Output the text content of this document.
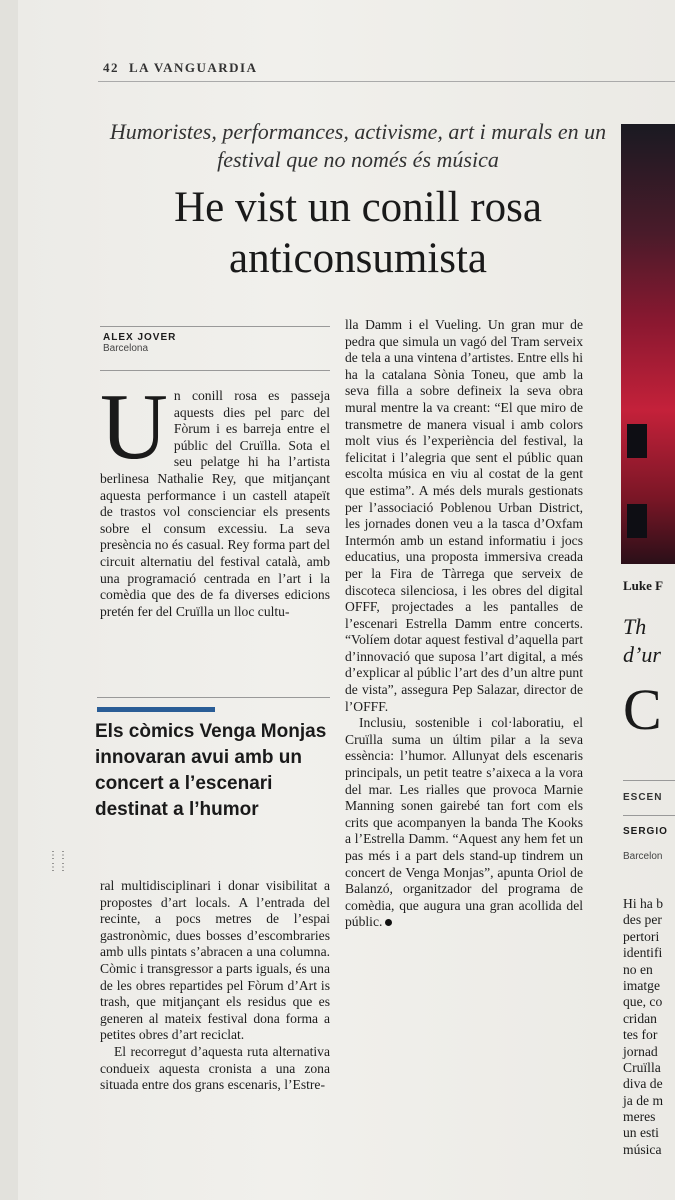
42 LA VANGUARDIA
Humoristes, performances, activisme, art i murals en un festival que no només és música
He vist un conill rosa anticonsumista
ALEX JOVER
Barcelona

Un conill rosa es passeja aquests dies pel parc del Fòrum i es barreja entre el públic del Cruïlla. Sota el seu pelatge hi ha l’artista berlinesa Nathalie Rey, que mitjançant aquesta performance i un castell atapeït de trastos vol conscienciar els presents sobre el consum excessiu. La seva presència no és casual. Rey forma part del circuit alternatiu del festival català, amb una programació centrada en l’art i la comèdia que des de fa diverses edicions pretén fer del Cruïlla un lloc cultu-

Els còmics Venga Monjas innovaran avui amb un concert a l’escenari destinat a l’humor
⋮⋮
⋮⋮

ral multidisciplinari i donar visibilitat a propostes d’art locals. A l’entrada del recinte, a pocs metres de l’espai gastronòmic, dues bosses d’escombraries amb ulls pintats s’abracen a una columna. Còmic i transgressor a parts iguals, és una de les obres repartides pel Fòrum d’Art is trash, que mitjançant els residus que es generen al mateix festival dona forma a petites obres d’art reciclat.

El recorregut d’aquesta ruta alternativa condueix aquesta cronista a una zona situada entre dos grans escenaris, l’Estre-

lla Damm i el Vueling. Un gran mur de pedra que simula un vagó del Tram serveix de tela a una vintena d’artistes. Entre ells hi ha la catalana Sònia Toneu, que amb la seva filla a sobre defineix la seva obra mural mentre la va creant: “El que miro de transmetre de manera visual i amb colors molt vius és l’experiència del festival, la felicitat i l’alegria que sent el públic quan escolta música en viu al costat de la gent que estima”. A més dels murals gestionats per l’associació Poblenou Urban District, les jornades donen veu a la tasca d’Oxfam Intermón amb un estand informatiu i jocs educatius, una proposta immersiva creada per la Fira de Tàrrega que serveix de discoteca silenciosa, i les obres del digital OFFF, projectades a les pantalles de l’escenari Estrella Damm entre concerts. “Volíem dotar aquest festival d’aquella part d’innovació que suposa l’art digital, a més d’explicar al públic l’art des d’un altre punt de vista”, assegura Pep Salazar, director de l’OFFF.

Inclusiu, sostenible i col·laboratiu, el Cruïlla suma un últim pilar a la seva essència: l’humor. Allunyat dels escenaris principals, un petit teatre s’aixeca a la vora del mar. Les rialles que provoca Marnie Manning sonen gairebé tan fort com els crits que acompanyen la banda The Kooks a l’Estrella Damm. “Aquest any hem fet un pas més i a part dels stand-up tindrem un concert de Venga Monjas”, apunta Oriol de Balanzó, organitzador del programa de comèdia, que augura una gran acollida del públic.

Luke F
Th
d’ur
C
ESCEN
SERGIO
Barcelon
Hi ha b
des per
pertori
identifi
no en
imatge
que, co
cridan
tes for
jornad
Cruïlla
diva de
ja de m
meres
un esti
música
